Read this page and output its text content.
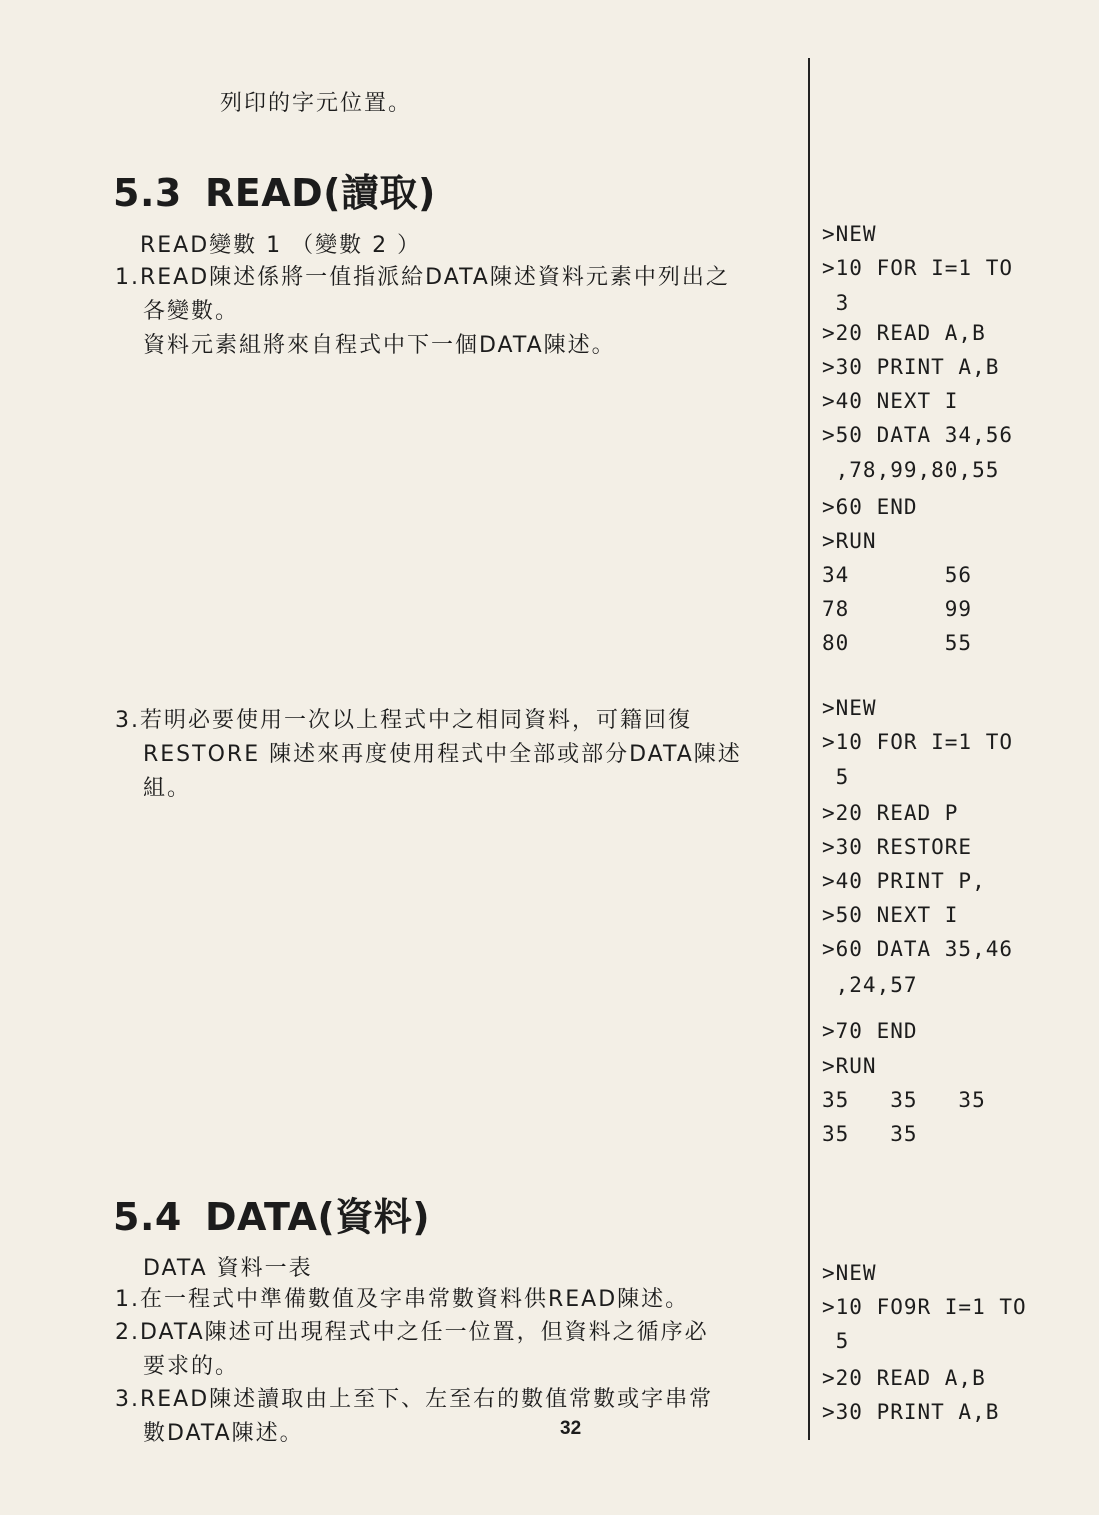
列印的字元位置。
5.3 READ(讀取)
READ變數 1 （變數 2 ）
1.READ陳述係將一值指派給DATA陳述資料元素中列出之
各變數。
資料元素組將來自程式中下一個DATA陳述。
3.若明必要使用一次以上程式中之相同資料，可籍回復
RESTORE 陳述來再度使用程式中全部或部分DATA陳述
組。
5.4 DATA(資料)
DATA 資料一表
1.在一程式中準備數值及字串常數資料供READ陳述。
2.DATA陳述可出現程式中之任一位置，但資料之循序必
要求的。
3.READ陳述讀取由上至下、左至右的數值常數或字串常
數DATA陳述。
>NEW
>10 FOR I=1 TO
3
>20 READ A,B
>30 PRINT A,B
>40 NEXT I
>50 DATA 34,56
,78,99,80,55
>60 END
>RUN
34       56
78       99
80       55
>NEW
>10 FOR I=1 TO
5
>20 READ P
>30 RESTORE
>40 PRINT P,
>50 NEXT I
>60 DATA 35,46
,24,57
>70 END
>RUN
35   35   35
35   35
>NEW
>10 FO9R I=1 TO
5
>20 READ A,B
>30 PRINT A,B
32
